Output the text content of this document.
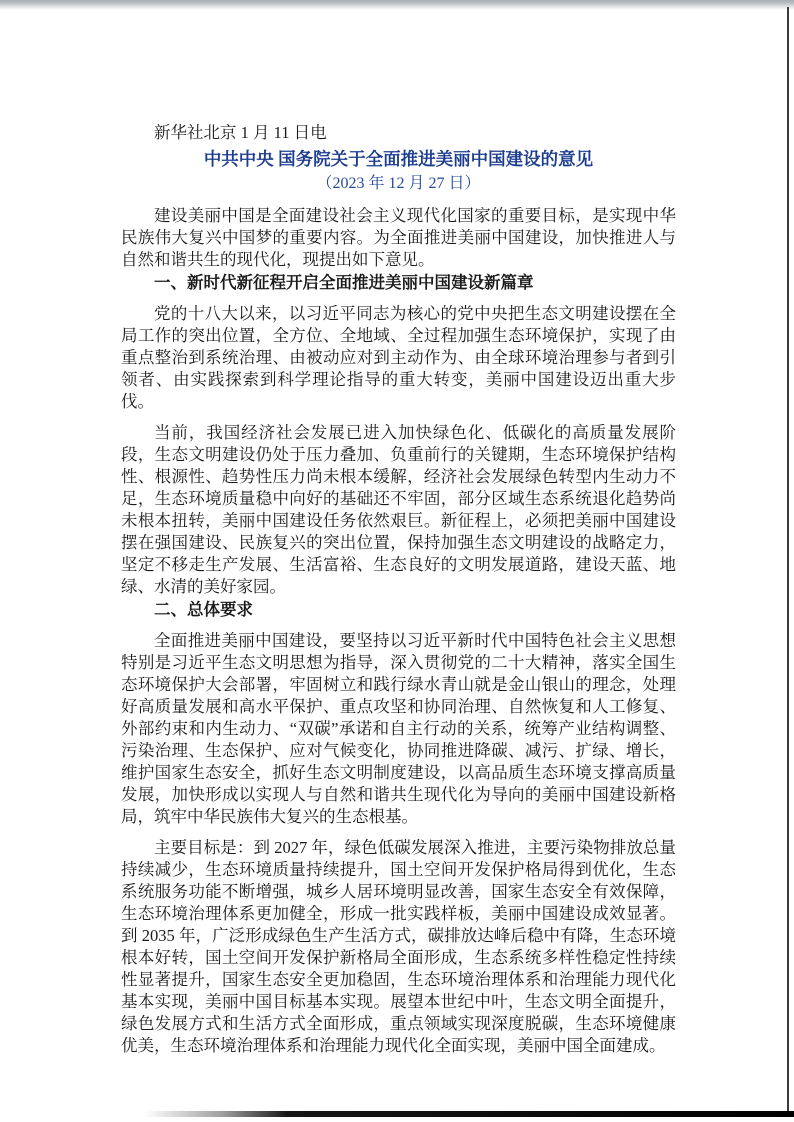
新华社北京 1 月 11 日电
中共中央 国务院关于全面推进美丽中国建设的意见
（2023 年 12 月 27 日）

建设美丽中国是全面建设社会主义现代化国家的重要目标，是实现中华民族伟大复兴中国梦的重要内容。为全面推进美丽中国建设，加快推进人与自然和谐共生的现代化，现提出如下意见。

一、新时代新征程开启全面推进美丽中国建设新篇章

党的十八大以来，以习近平同志为核心的党中央把生态文明建设摆在全局工作的突出位置，全方位、全地域、全过程加强生态环境保护，实现了由重点整治到系统治理、由被动应对到主动作为、由全球环境治理参与者到引领者、由实践探索到科学理论指导的重大转变，美丽中国建设迈出重大步伐。

当前，我国经济社会发展已进入加快绿色化、低碳化的高质量发展阶段，生态文明建设仍处于压力叠加、负重前行的关键期，生态环境保护结构性、根源性、趋势性压力尚未根本缓解，经济社会发展绿色转型内生动力不足，生态环境质量稳中向好的基础还不牢固，部分区域生态系统退化趋势尚未根本扭转，美丽中国建设任务依然艰巨。新征程上，必须把美丽中国建设摆在强国建设、民族复兴的突出位置，保持加强生态文明建设的战略定力，坚定不移走生产发展、生活富裕、生态良好的文明发展道路，建设天蓝、地绿、水清的美好家园。

二、总体要求

全面推进美丽中国建设，要坚持以习近平新时代中国特色社会主义思想特别是习近平生态文明思想为指导，深入贯彻党的二十大精神，落实全国生态环境保护大会部署，牢固树立和践行绿水青山就是金山银山的理念，处理好高质量发展和高水平保护、重点攻坚和协同治理、自然恢复和人工修复、外部约束和内生动力、“双碳”承诺和自主行动的关系，统筹产业结构调整、污染治理、生态保护、应对气候变化，协同推进降碳、减污、扩绿、增长，维护国家生态安全，抓好生态文明制度建设，以高品质生态环境支撑高质量发展，加快形成以实现人与自然和谐共生现代化为导向的美丽中国建设新格局，筑牢中华民族伟大复兴的生态根基。

主要目标是：到 2027 年，绿色低碳发展深入推进，主要污染物排放总量持续减少，生态环境质量持续提升，国土空间开发保护格局得到优化，生态系统服务功能不断增强，城乡人居环境明显改善，国家生态安全有效保障，生态环境治理体系更加健全，形成一批实践样板，美丽中国建设成效显著。到 2035 年，广泛形成绿色生产生活方式，碳排放达峰后稳中有降，生态环境根本好转，国土空间开发保护新格局全面形成，生态系统多样性稳定性持续性显著提升，国家生态安全更加稳固，生态环境治理体系和治理能力现代化基本实现，美丽中国目标基本实现。展望本世纪中叶，生态文明全面提升，绿色发展方式和生活方式全面形成，重点领域实现深度脱碳，生态环境健康优美，生态环境治理体系和治理能力现代化全面实现，美丽中国全面建成。
